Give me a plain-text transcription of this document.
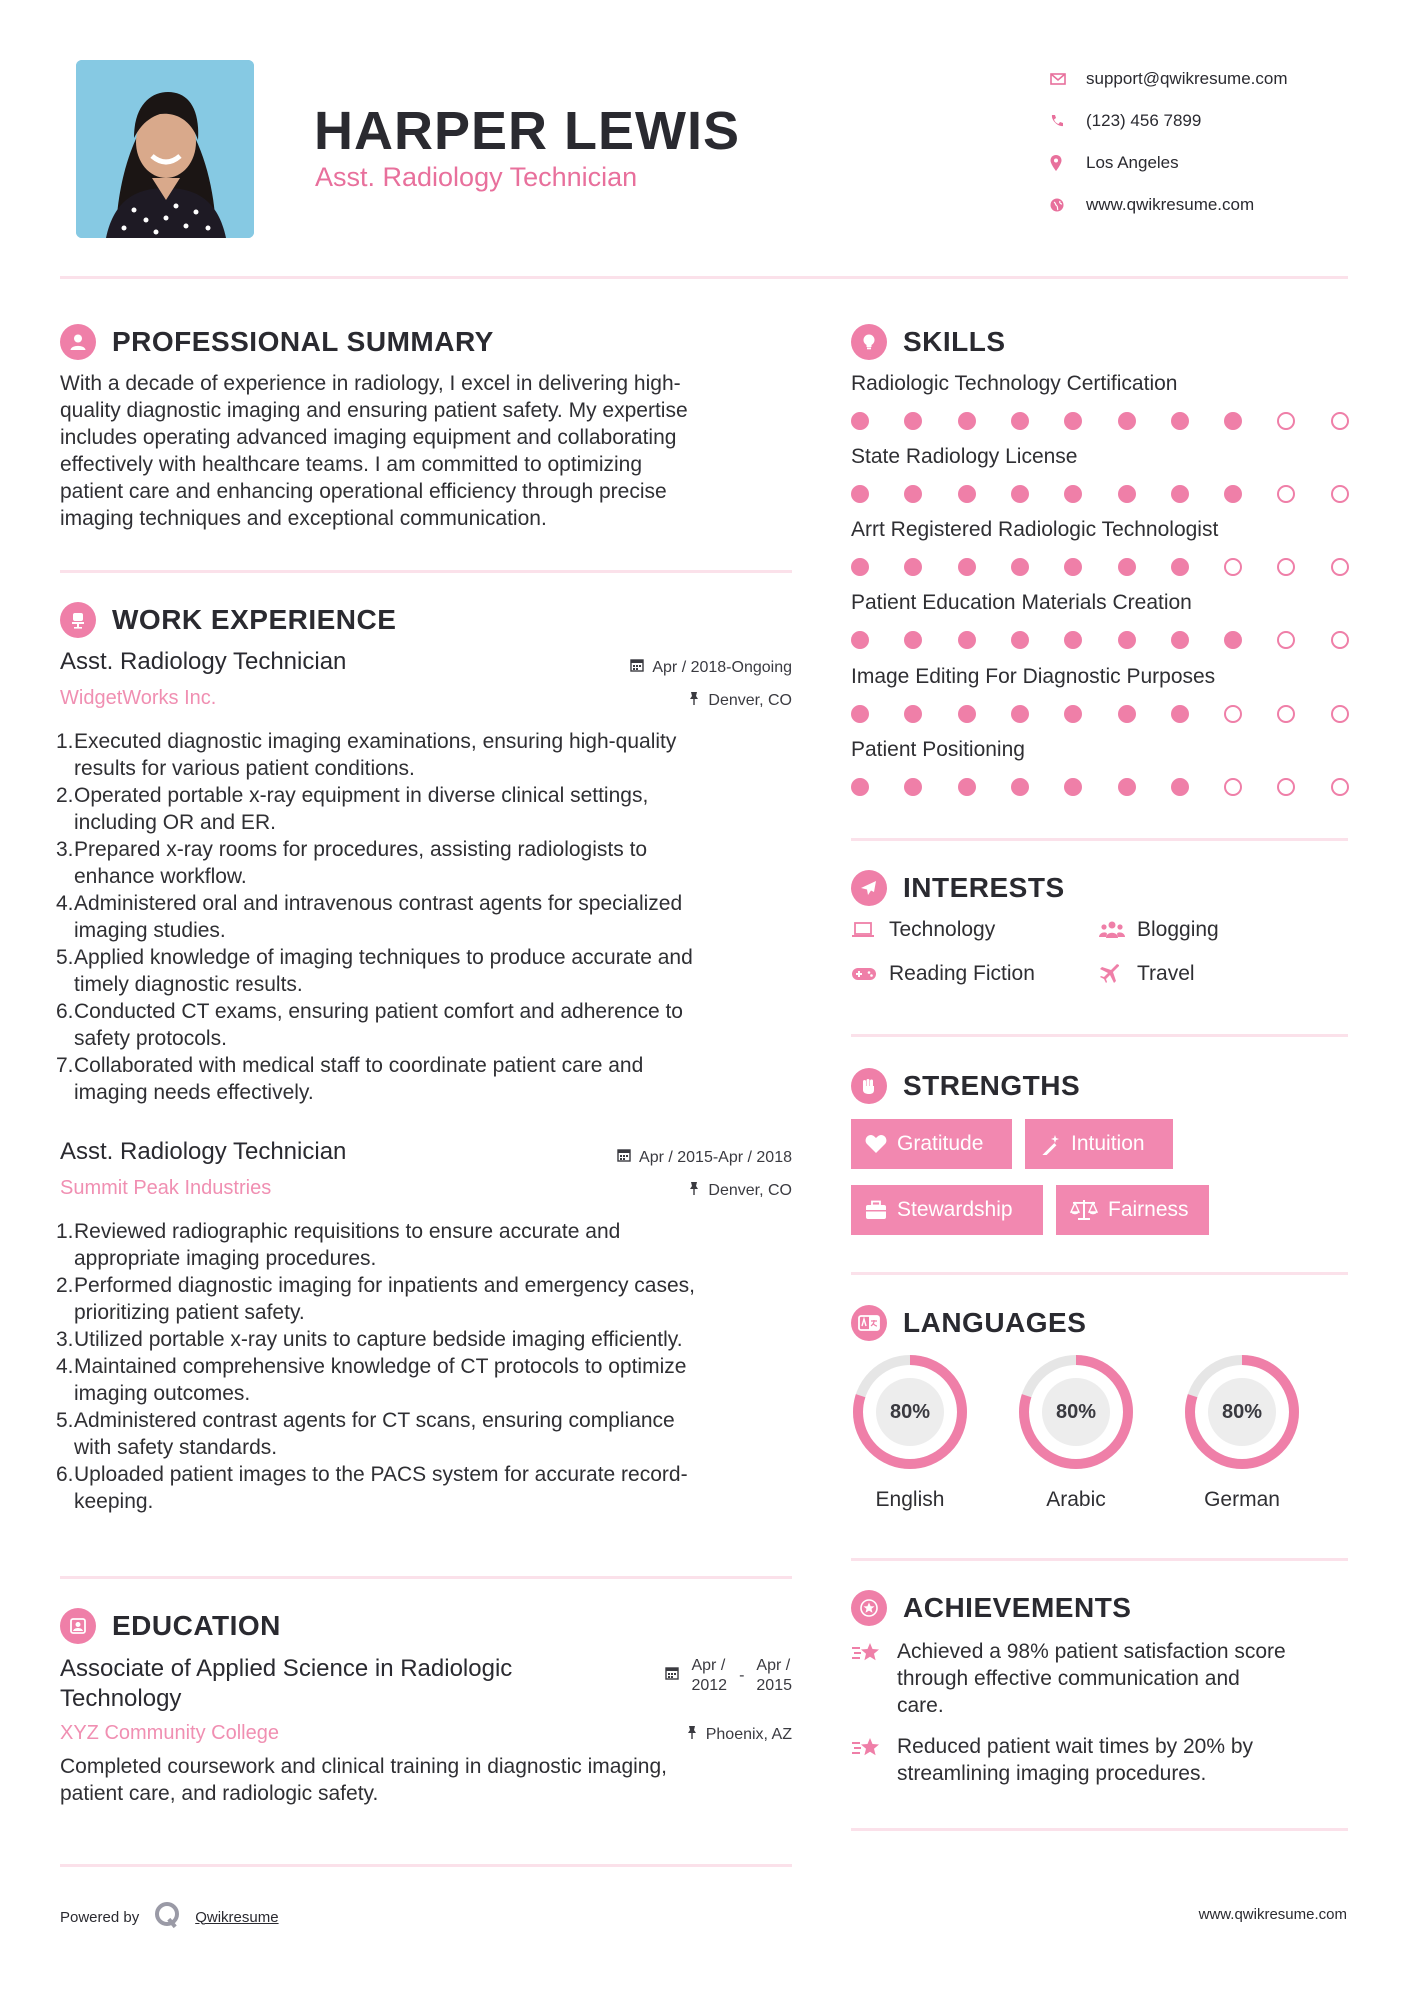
HARPER LEWIS
Asst. Radiology Technician
support@qwikresume.com
(123) 456 7899
Los Angeles
www.qwikresume.com
PROFESSIONAL SUMMARY
With a decade of experience in radiology, I excel in delivering high-
quality diagnostic imaging and ensuring patient safety. My expertise
includes operating advanced imaging equipment and collaborating
effectively with healthcare teams. I am committed to optimizing
patient care and enhancing operational efficiency through precise
imaging techniques and exceptional communication.
WORK EXPERIENCE
Asst. Radiology Technician	Apr / 2018-Ongoing
WidgetWorks Inc.	Denver, CO
1. Executed diagnostic imaging examinations, ensuring high-quality
results for various patient conditions.
2. Operated portable x-ray equipment in diverse clinical settings,
including OR and ER.
3. Prepared x-ray rooms for procedures, assisting radiologists to
enhance workflow.
4. Administered oral and intravenous contrast agents for specialized
imaging studies.
5. Applied knowledge of imaging techniques to produce accurate and
timely diagnostic results.
6. Conducted CT exams, ensuring patient comfort and adherence to
safety protocols.
7. Collaborated with medical staff to coordinate patient care and
imaging needs effectively.
Asst. Radiology Technician	Apr / 2015-Apr / 2018
Summit Peak Industries	Denver, CO
1. Reviewed radiographic requisitions to ensure accurate and
appropriate imaging procedures.
2. Performed diagnostic imaging for inpatients and emergency cases,
prioritizing patient safety.
3. Utilized portable x-ray units to capture bedside imaging efficiently.
4. Maintained comprehensive knowledge of CT protocols to optimize
imaging outcomes.
5. Administered contrast agents for CT scans, ensuring compliance
with safety standards.
6. Uploaded patient images to the PACS system for accurate record-
keeping.
EDUCATION
Associate of Applied Science in Radiologic
Technology
Apr /
2012
-
Apr /
2015
XYZ Community College	Phoenix, AZ
Completed coursework and clinical training in diagnostic imaging,
patient care, and radiologic safety.
SKILLS
Radiologic Technology Certification
State Radiology License
Arrt Registered Radiologic Technologist
Patient Education Materials Creation
Image Editing For Diagnostic Purposes
Patient Positioning
INTERESTS
Technology	Blogging
Reading Fiction	Travel
STRENGTHS
Gratitude	Intuition
Stewardship	Fairness
LANGUAGES
80%
English
80%
Arabic
80%
German
ACHIEVEMENTS
Achieved a 98% patient satisfaction score
through effective communication and
care.
Reduced patient wait times by 20% by
streamlining imaging procedures.
Powered by	Qwikresume	www.qwikresume.com
